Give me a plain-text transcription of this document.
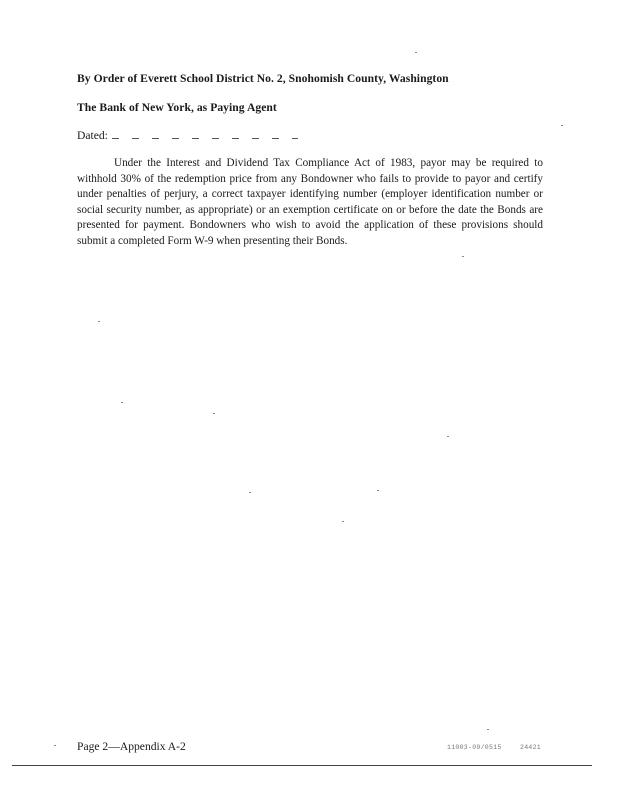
By Order of Everett School District No. 2, Snohomish County, Washington
The Bank of New York, as Paying Agent
Dated:

Under the Interest and Dividend Tax Compliance Act of 1983, payor may be required to withhold 30% of the redemption price from any Bondowner who fails to provide to payor and certify under penalties of perjury, a correct taxpayer identifying number (employer identification number or social security number, as appropriate) or an exemption certificate on or before the date the Bonds are presented for payment. Bondowners who wish to avoid the application of these provisions should submit a completed Form W-9 when presenting their Bonds.

Page 2—Appendix A-2	11003-09/0515	24421
